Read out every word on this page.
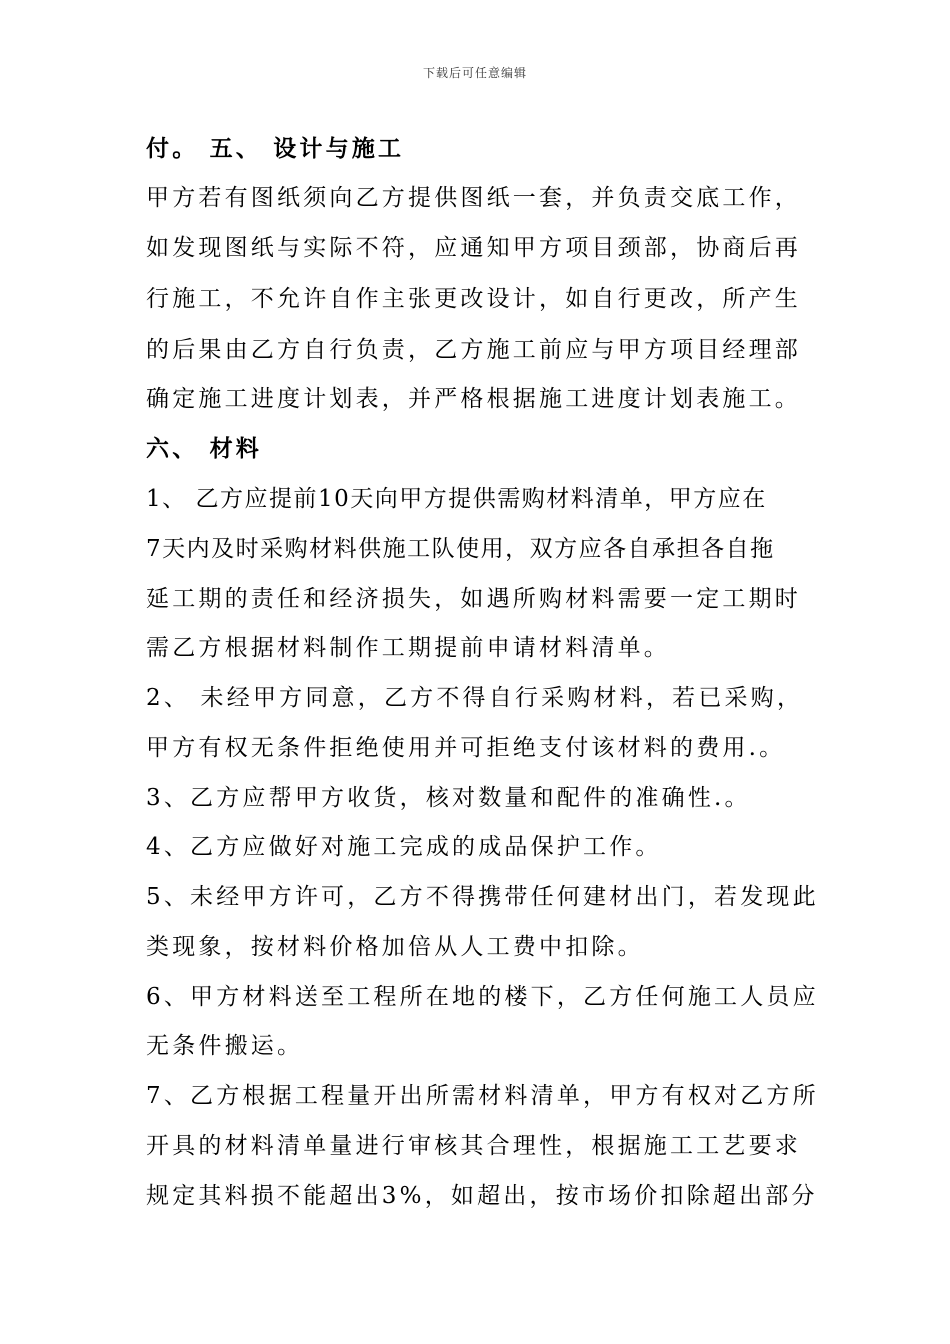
下载后可任意编辑
付。 五、 设计与施工
甲方若有图纸须向乙方提供图纸一套，并负责交底工作，
如发现图纸与实际不符，应通知甲方项目颈部，协商后再
行施工，不允许自作主张更改设计，如自行更改，所产生
的后果由乙方自行负责，乙方施工前应与甲方项目经理部
确定施工进度计划表，并严格根据施工进度计划表施工。
六、 材料
1、 乙方应提前10天向甲方提供需购材料清单，甲方应在
7天内及时采购材料供施工队使用，双方应各自承担各自拖
延工期的责任和经济损失，如遇所购材料需要一定工期时
需乙方根据材料制作工期提前申请材料清单。
2、 未经甲方同意，乙方不得自行采购材料，若已采购，
甲方有权无条件拒绝使用并可拒绝支付该材料的费用.。
3、乙方应帮甲方收货，核对数量和配件的准确性.。
4、乙方应做好对施工完成的成品保护工作。
5、未经甲方许可，乙方不得携带任何建材出门，若发现此
类现象，按材料价格加倍从人工费中扣除。
6、甲方材料送至工程所在地的楼下，乙方任何施工人员应
无条件搬运。
7、乙方根据工程量开出所需材料清单，甲方有权对乙方所
开具的材料清单量进行审核其合理性，根据施工工艺要求
规定其料损不能超出3%，如超出，按市场价扣除超出部分
